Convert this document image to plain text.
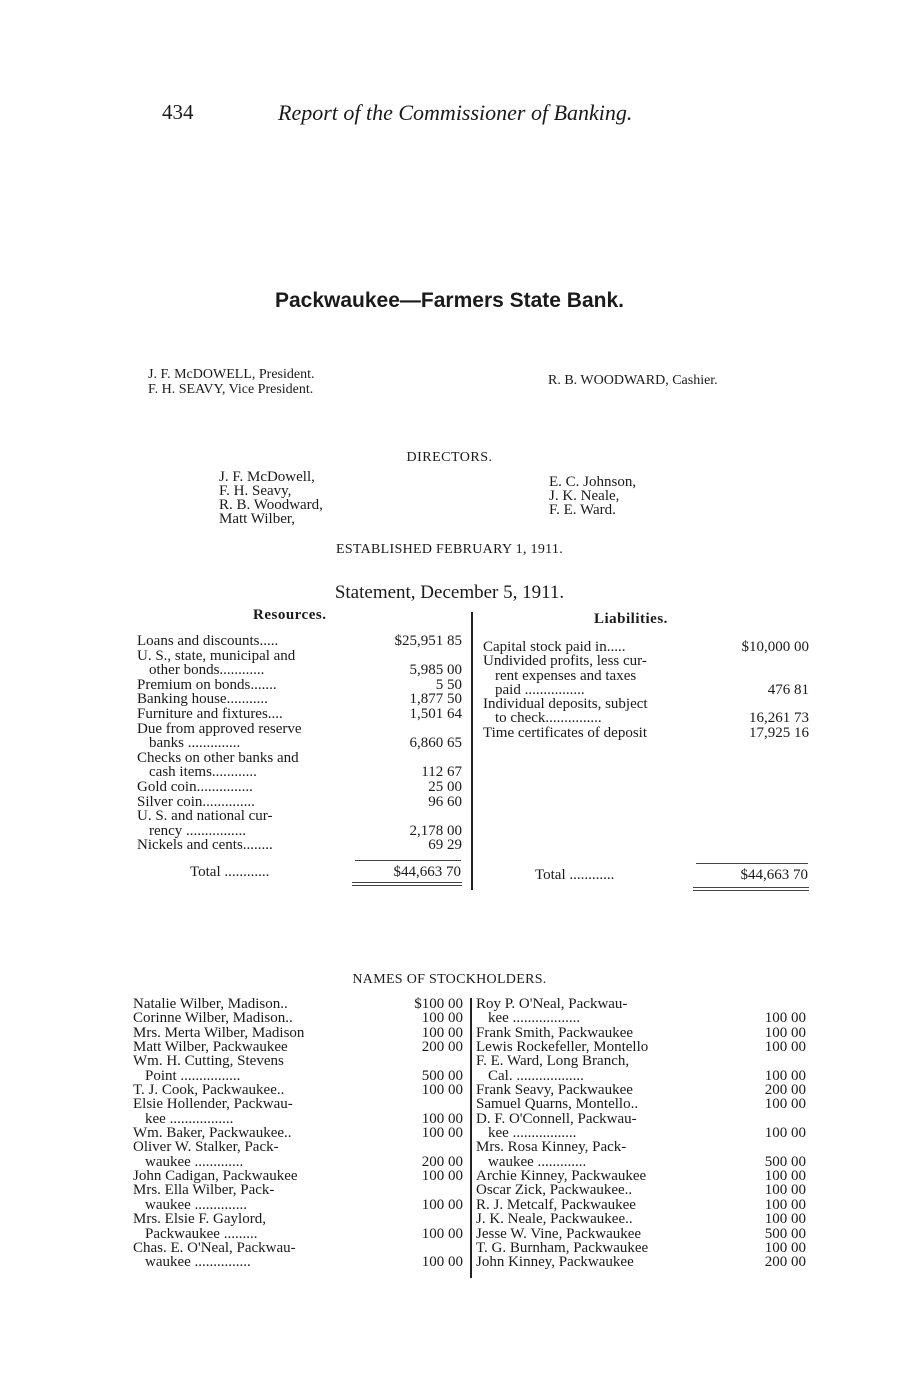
434	Report of the Commissioner of Banking.
Packwaukee—Farmers State Bank.
J. F. McDOWELL, President.
F. H. SEAVY, Vice President.
R. B. WOODWARD, Cashier.
DIRECTORS.
J. F. McDowell,
F. H. Seavy,
R. B. Woodward,
Matt Wilber,
E. C. Johnson,
J. K. Neale,
F. E. Ward.
ESTABLISHED FEBRUARY 1, 1911.
Statement, December 5, 1911.
Resources.	Liabilities.
Loans and discounts.....	$25,951 85
U. S., state, municipal and
other bonds............	5,985 00
Premium on bonds.......	5 50
Banking house...........	1,877 50
Furniture and fixtures....	1,501 64
Due from approved reserve
banks ..............	6,860 65
Checks on other banks and
cash items............	112 67
Gold coin...............	25 00
Silver coin..............	96 60
U. S. and national cur-
rency ................	2,178 00
Nickels and cents........	69 29
Capital stock paid in.....	$10,000 00
Undivided profits, less cur-
rent expenses and taxes
paid ................	476 81
Individual deposits, subject
to check...............	16,261 73
Time certificates of deposit	17,925 16
Total ............	$44,663 70	Total ............	$44,663 70
NAMES OF STOCKHOLDERS.
Natalie Wilber, Madison..	$100 00
Corinne Wilber, Madison..	100 00
Mrs. Merta Wilber, Madison	100 00
Matt Wilber, Packwaukee	200 00
Wm. H. Cutting, Stevens
Point ................	500 00
T. J. Cook, Packwaukee..	100 00
Elsie Hollender, Packwau-
kee .................	100 00
Wm. Baker, Packwaukee..	100 00
Oliver W. Stalker, Pack-
waukee .............	200 00
John Cadigan, Packwaukee	100 00
Mrs. Ella Wilber, Pack-
waukee ..............	100 00
Mrs. Elsie F. Gaylord,
Packwaukee .........	100 00
Chas. E. O'Neal, Packwau-
waukee ...............	100 00
Roy P. O'Neal, Packwau-
kee ..................	100 00
Frank Smith, Packwaukee	100 00
Lewis Rockefeller, Montello	100 00
F. E. Ward, Long Branch,
Cal. ..................	100 00
Frank Seavy, Packwaukee	200 00
Samuel Quarns, Montello..	100 00
D. F. O'Connell, Packwau-
kee .................	100 00
Mrs. Rosa Kinney, Pack-
waukee .............	500 00
Archie Kinney, Packwaukee	100 00
Oscar Zick, Packwaukee..	100 00
R. J. Metcalf, Packwaukee	100 00
J. K. Neale, Packwaukee..	100 00
Jesse W. Vine, Packwaukee	500 00
T. G. Burnham, Packwaukee	100 00
John Kinney, Packwaukee	200 00
